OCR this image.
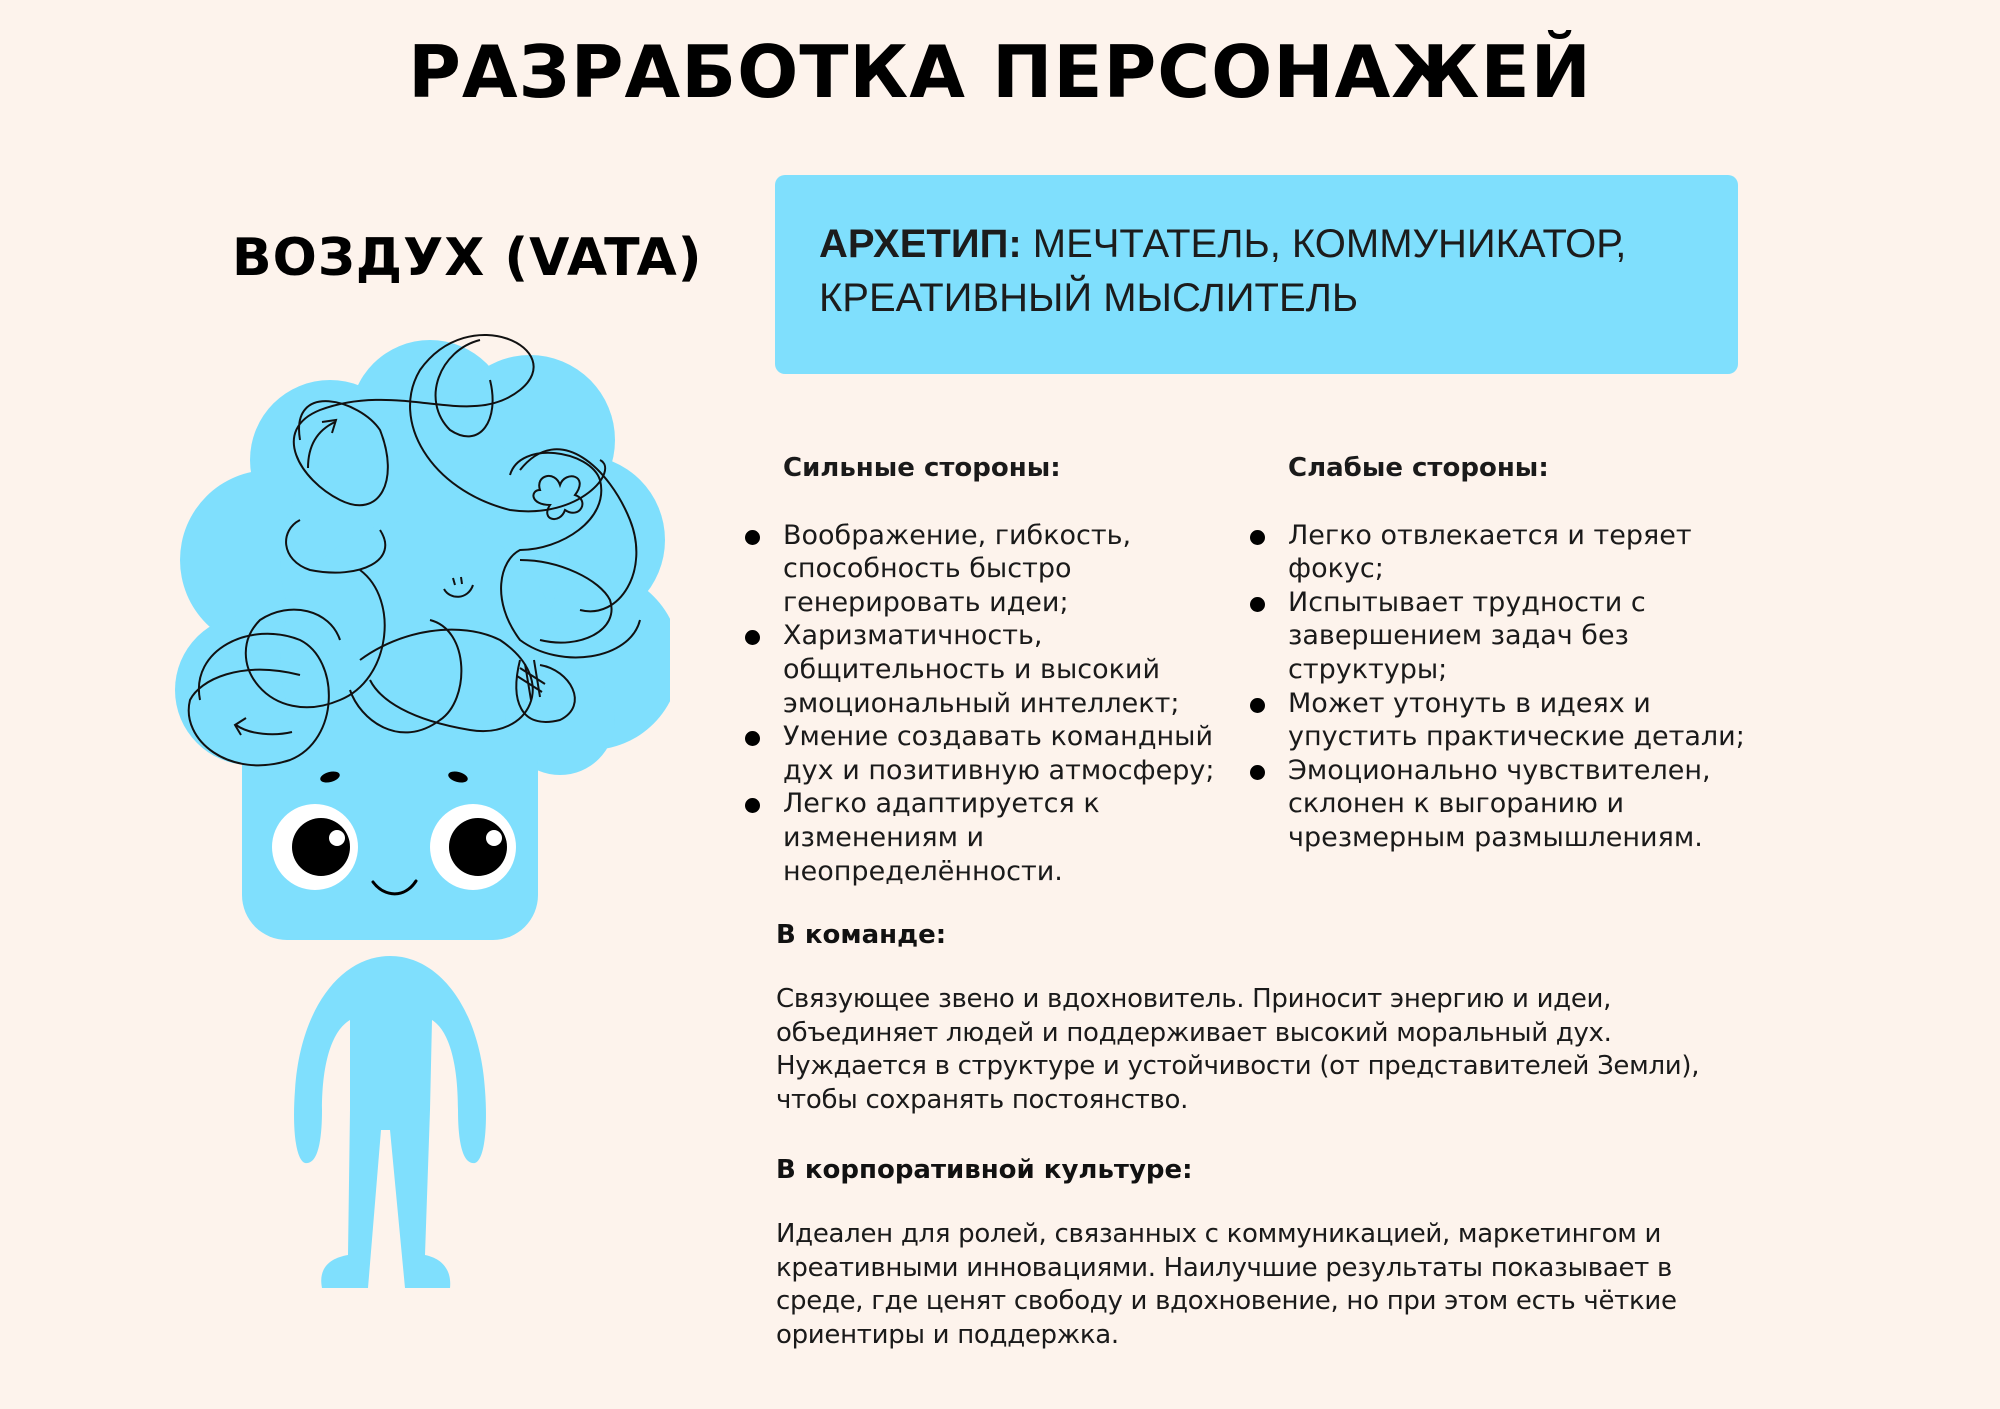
РАЗРАБОТКА ПЕРСОНАЖЕЙ
ВОЗДУХ (VATA)	АРХЕТИП: МЕЧТАТЕЛЬ, КОММУНИКАТОР, КРЕАТИВНЫЙ МЫСЛИТЕЛЬ
Сильные стороны:
Воображение, гибкость, способность быстро генерировать идеи;
Харизматичность, общительность и высокий эмоциональный интеллект;
Умение создавать командный дух и позитивную атмосферу;
Легко адаптируется к изменениям и неопределённости.
Слабые стороны:
Легко отвлекается и теряет фокус;
Испытывает трудности с завершением задач без структуры;
Может утонуть в идеях и упустить практические детали;
Эмоционально чувствителен, склонен к выгоранию и чрезмерным размышлениям.
В команде:

Связующее звено и вдохновитель. Приносит энергию и идеи, объединяет людей и поддерживает высокий моральный дух. Нуждается в структуре и устойчивости (от представителей Земли), чтобы сохранять постоянство.

В корпоративной культуре:

Идеален для ролей, связанных с коммуникацией, маркетингом и креативными инновациями. Наилучшие результаты показывает в среде, где ценят свободу и вдохновение, но при этом есть чёткие ориентиры и поддержка.
